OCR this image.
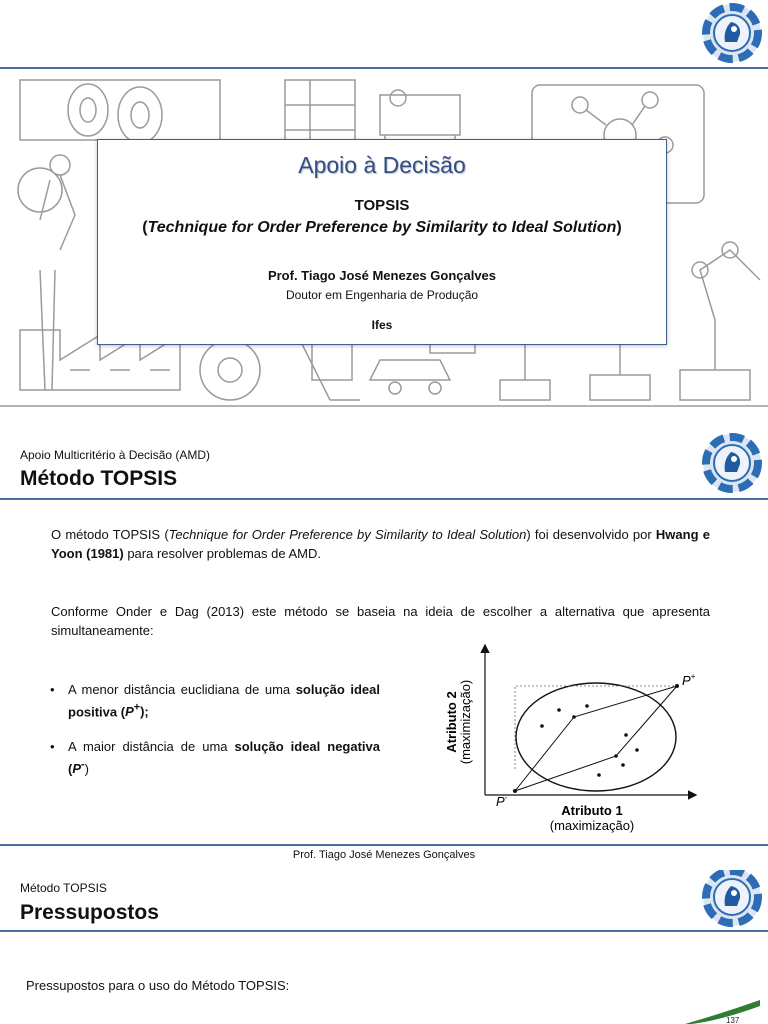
Apoio à Decisão
TOPSIS
(Technique for Order Preference by Similarity to Ideal Solution)
Prof. Tiago José Menezes Gonçalves
Doutor em Engenharia de Produção
Ifes
Apoio Multicritério à Decisão (AMD)
Método TOPSIS
O método TOPSIS (Technique for Order Preference by Similarity to Ideal Solution) foi desenvolvido por Hwang e Yoon (1981) para resolver problemas de AMD.
Conforme Onder e Dag (2013) este método se baseia na ideia de escolher a alternativa que apresenta simultaneamente:
• A menor distância euclidiana de uma solução ideal positiva (P+);
• A maior distância de uma solução ideal negativa (P-)
P+
P-
Atributo 2 (maximização)
Atributo 1
(maximização)
Prof. Tiago José Menezes Gonçalves
Método TOPSIS
Pressupostos
Pressupostos para o uso do Método TOPSIS:
137
